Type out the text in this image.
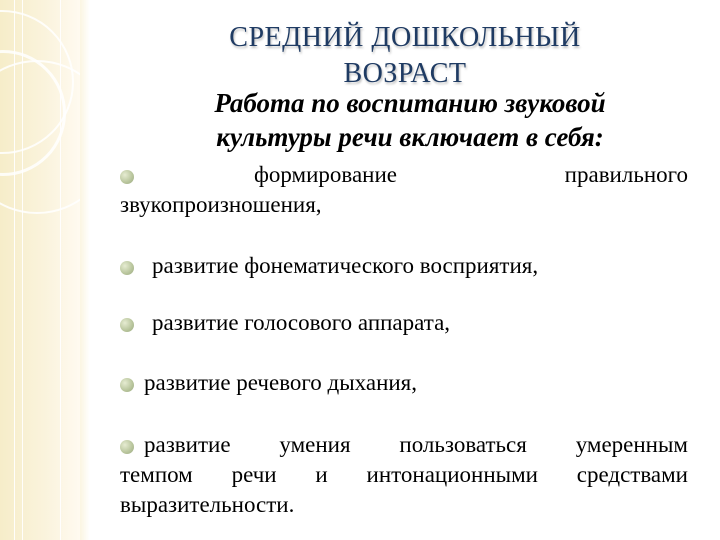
СРЕДНИЙ ДОШКОЛЬНЫЙ
ВОЗРАСТ
Работа по воспитанию звуковой
культуры речи включает в себя:
формирование	правильного
звукопроизношения,
развитие фонематического восприятия,
развитие голосового аппарата,
развитие речевого дыхания,
развитие умения пользоваться умеренным
темпом речи и интонационными средствами
выразительности.
